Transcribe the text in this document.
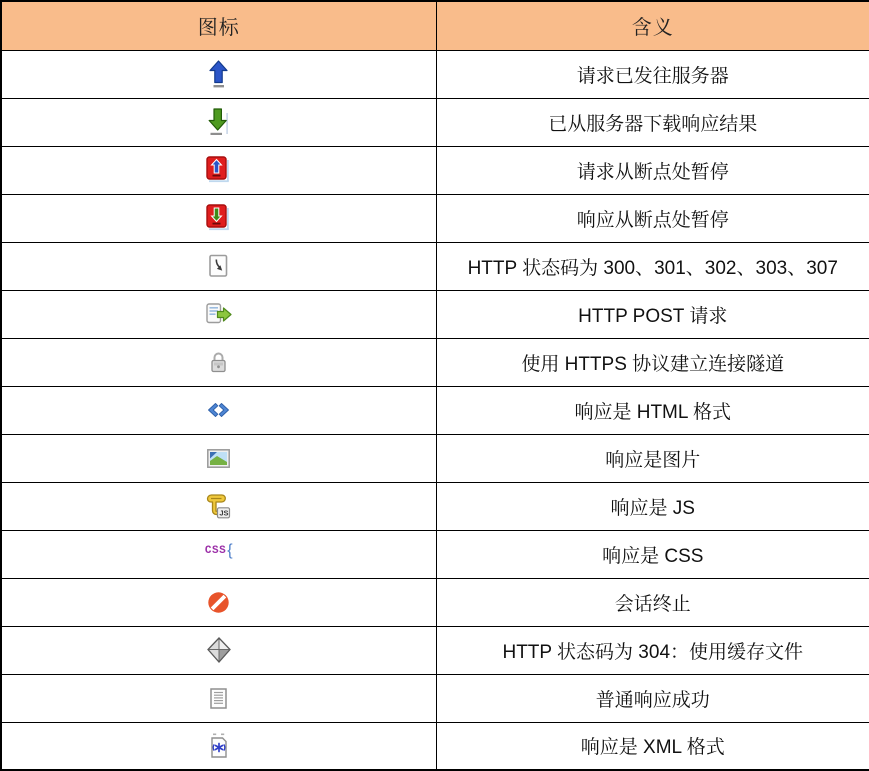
图标	含义
	请求已发往服务器
	已从服务器下载响应结果
	请求从断点处暂停
	响应从断点处暂停
	HTTP 状态码为 300、301、302、303、307
	HTTP POST 请求
	使用 HTTPS 协议建立连接隧道
	响应是 HTML 格式
	响应是图片

JS	响应是 JS

CSS {	响应是 CSS
	会话终止
	HTTP 状态码为 304：使用缓存文件
	普通响应成功
	响应是 XML 格式
